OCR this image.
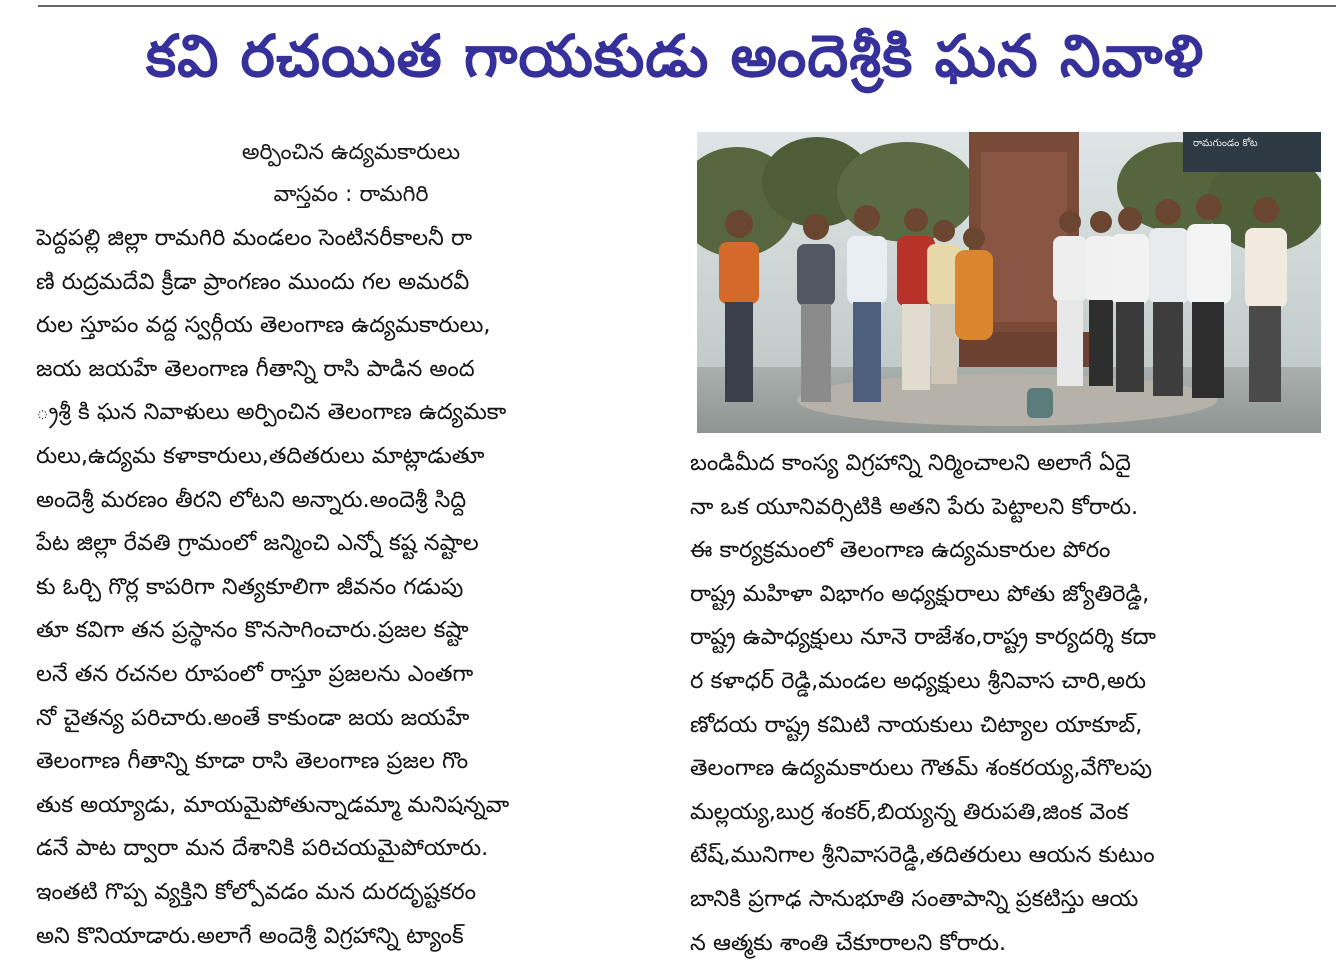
కవి రచయిత గాయకుడు అందెశ్రీకి ఘన నివాళి
అర్పించిన ఉద్యమకారులు
వాస్తవం : రామగిరి
పెద్దపల్లి జిల్లా రామగిరి మండలం సెంటినరీకాలనీ రా
ణి రుద్రమదేవి క్రీడా ప్రాంగణం ముందు గల అమరవీ
రుల స్తూపం వద్ద స్వర్గీయ తెలంగాణ ఉద్యమకారులు,
జయ జయహే తెలంగాణ గీతాన్ని రాసి పాడిన అంద
్రశ్రీ కి ఘన నివాళులు అర్పించిన తెలంగాణ ఉద్యమకా
రులు,ఉద్యమ కళాకారులు,తదితరులు మాట్లాడుతూ
అందెశ్రీ మరణం తీరని లోటని అన్నారు.అందెశ్రీ సిద్ది
పేట జిల్లా రేవతి గ్రామంలో జన్మించి ఎన్నో కష్ట నష్టాల
కు ఓర్చి గొర్ల కాపరిగా నిత్యకూలిగా జీవనం గడుపు
తూ కవిగా తన ప్రస్థానం కొనసాగించారు.ప్రజల కష్టా
లనే తన రచనల రూపంలో రాస్తూ ప్రజలను ఎంతగా
నో చైతన్య పరిచారు.అంతే కాకుండా జయ జయహే
తెలంగాణ గీతాన్ని కూడా రాసి తెలంగాణ ప్రజల గొం
తుక అయ్యాడు, మాయమైపోతున్నాడమ్మా మనిషన్నవా
డనే పాట ద్వారా మన దేశానికి పరిచయమైపోయారు.
ఇంతటి గొప్ప వ్యక్తిని కోల్పోవడం మన దురదృష్టకరం
అని కొనియాడారు.అలాగే అందెశ్రీ విగ్రహాన్ని ట్యాంక్
రామగుండం కోట
బండిమీద కాంస్య విగ్రహాన్ని నిర్మించాలని అలాగే ఏదై
నా ఒక యూనివర్సిటికి అతని పేరు పెట్టాలని కోరారు.
ఈ కార్యక్రమంలో తెలంగాణ ఉద్యమకారుల పోరం
రాష్ట్ర మహిళా విభాగం అధ్యక్షురాలు పోతు జ్యోతిరెడ్డి,
రాష్ట్ర ఉపాధ్యక్షులు నూనె రాజేశం,రాష్ట్ర కార్యదర్శి కదా
ర కళాధర్ రెడ్డి,మండల అధ్యక్షులు శ్రీనివాస చారి,అరు
ణోదయ రాష్ట్ర కమిటి నాయకులు చిట్యాల యాకూబ్,
తెలంగాణ ఉద్యమకారులు గౌతమ్ శంకరయ్య,వేగొలపు
మల్లయ్య,బుర్ర శంకర్,బియ్యన్న తిరుపతి,జింక వెంక
టేష్,మునిగాల శ్రీనివాసరెడ్డి,తదితరులు ఆయన కుటుం
బానికి ప్రగాఢ సానుభూతి సంతాపాన్ని ప్రకటిస్తు ఆయ
న ఆత్మకు శాంతి చేకూరాలని కోరారు.
